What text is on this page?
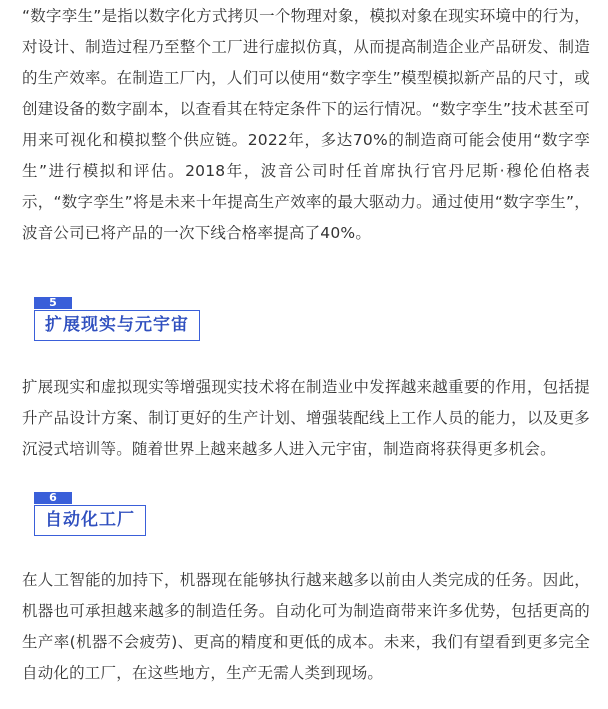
“数字孪生”是指以数字化方式拷贝一个物理对象，模拟对象在现实环境中的行为，对设计、制造过程乃至整个工厂进行虚拟仿真，从而提高制造企业产品研发、制造的生产效率。在制造工厂内，人们可以使用“数字孪生”模型模拟新产品的尺寸，或创建设备的数字副本，以查看其在特定条件下的运行情况。“数字孪生”技术甚至可用来可视化和模拟整个供应链。2022年，多达70%的制造商可能会使用“数字孪生”进行模拟和评估。2018年，波音公司时任首席执行官丹尼斯·穆伦伯格表示，“数字孪生”将是未来十年提高生产效率的最大驱动力。通过使用“数字孪生”，波音公司已将产品的一次下线合格率提高了40%。

5
扩展现实与元宇宙

扩展现实和虚拟现实等增强现实技术将在制造业中发挥越来越重要的作用，包括提升产品设计方案、制订更好的生产计划、增强装配线上工作人员的能力，以及更多沉浸式培训等。随着世界上越来越多人进入元宇宙，制造商将获得更多机会。

6
自动化工厂

在人工智能的加持下，机器现在能够执行越来越多以前由人类完成的任务。因此，机器也可承担越来越多的制造任务。自动化可为制造商带来许多优势，包括更高的生产率(机器不会疲劳)、更高的精度和更低的成本。未来，我们有望看到更多完全自动化的工厂，在这些地方，生产无需人类到现场。
